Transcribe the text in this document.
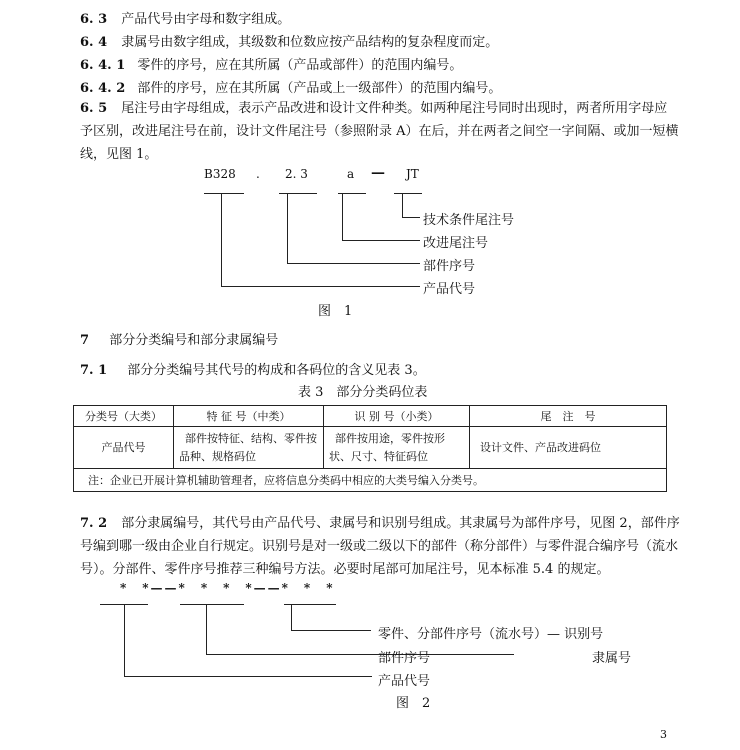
6. 3 产品代号由字母和数字组成。
6. 4 隶属号由数字组成，其级数和位数应按产品结构的复杂程度而定。
6. 4. 1 零件的序号，应在其所属（产品或部件）的范围内编号。
6. 4. 2 部件的序号，应在其所属（产品或上一级部件）的范围内编号。
6. 5 尾注号由字母组成，表示产品改进和设计文件种类。如两种尾注号同时出现时，两者所用字母应予区别，改进尾注号在前，设计文件尾注号（参照附录 A）在后，并在两者之间空一字间隔、或加一短横线，见图 1。
B328 . 2. 3	a — JT
技术条件尾注号
改进尾注号
部件序号
产品代号
图　1
7 部分分类编号和部分隶属编号
7. 1 部分分类编号其代号的构成和各码位的含义见表 3。
表 3　部分分类码位表
分类号（大类）	特 征 号（中类）	识 别 号（小类）	尾　注　号
产品代号	部件按特征、结构、零件按品种、规格码位	部件按用途，零件按形状、尺寸、特征码位	设计文件、产品改进码位
注：企业已开展计算机辅助管理者，应将信息分类码中相应的大类号编入分类号。			
7. 2 部分隶属编号，其代号由产品代号、隶属号和识别号组成。其隶属号为部件序号，见图 2，部件序号编到哪一级由企业自行规定。识别号是对一级或二级以下的部件（称分部件）与零件混合编序号（流水号）。分部件、零件序号推荐三种编号方法。必要时尾部可加尾注号，见本标准 5.4 的规定。
*　*——*　*　*　*——*　*　*
零件、分部件序号（流水号）— 识别号
部件序号	隶属号
产品代号
图　2
3
